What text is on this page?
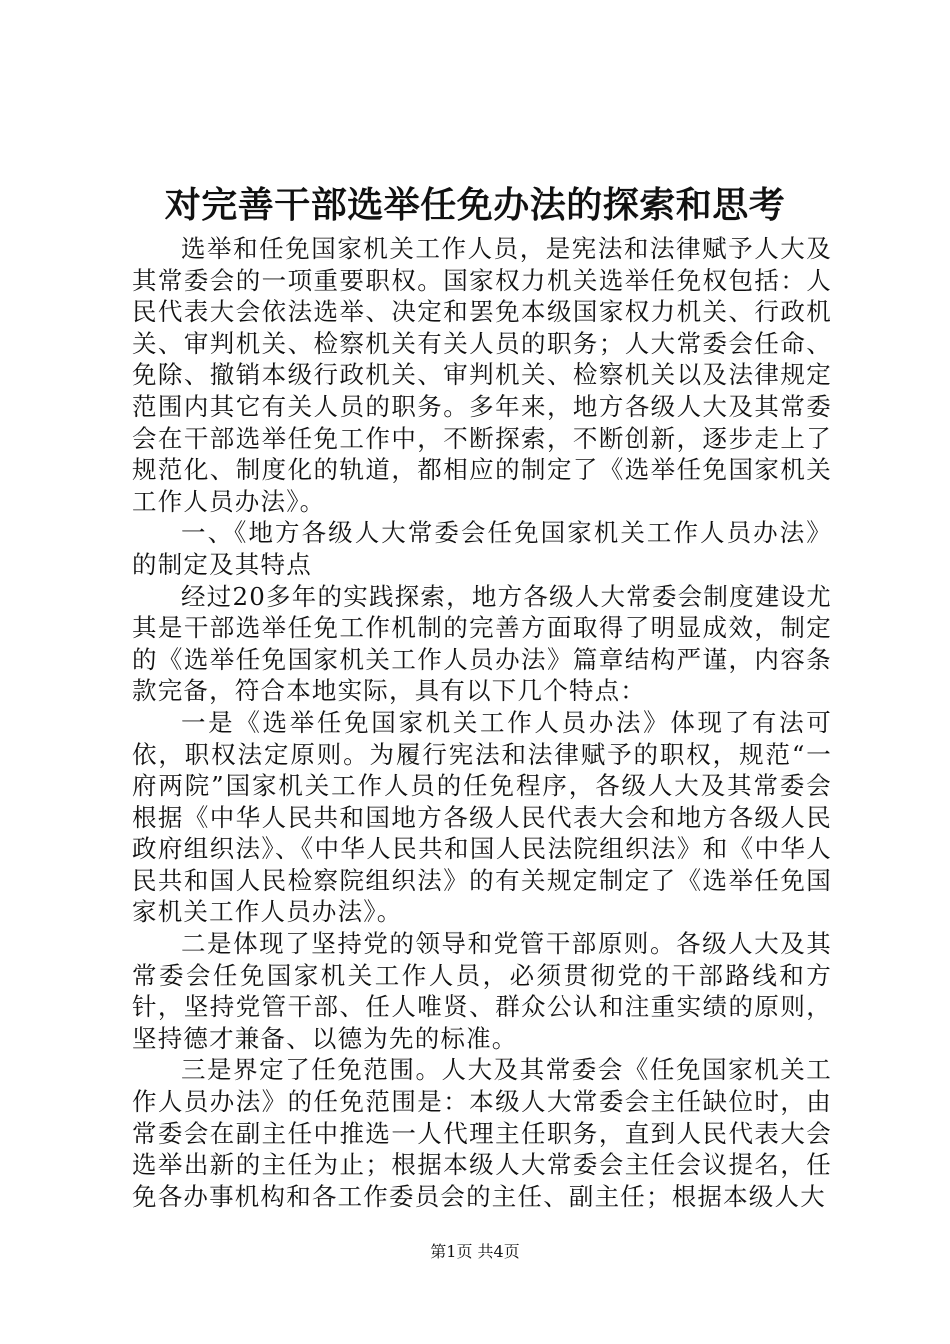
对完善干部选举任免办法的探索和思考

选举和任免国家机关工作人员，是宪法和法律赋予人大及其常委会的一项重要职权。国家权力机关选举任免权包括：人民代表大会依法选举、决定和罢免本级国家权力机关、行政机关、审判机关、检察机关有关人员的职务；人大常委会任命、免除、撤销本级行政机关、审判机关、检察机关以及法律规定范围内其它有关人员的职务。多年来，地方各级人大及其常委会在干部选举任免工作中，不断探索，不断创新，逐步走上了规范化、制度化的轨道，都相应的制定了《选举任免国家机关工作人员办法》。

一、《地方各级人大常委会任免国家机关工作人员办法》的制定及其特点

经过20多年的实践探索，地方各级人大常委会制度建设尤其是干部选举任免工作机制的完善方面取得了明显成效，制定的《选举任免国家机关工作人员办法》篇章结构严谨，内容条款完备，符合本地实际，具有以下几个特点：

一是《选举任免国家机关工作人员办法》体现了有法可依，职权法定原则。为履行宪法和法律赋予的职权，规范“一府两院”国家机关工作人员的任免程序，各级人大及其常委会根据《中华人民共和国地方各级人民代表大会和地方各级人民政府组织法》、《中华人民共和国人民法院组织法》和《中华人民共和国人民检察院组织法》的有关规定制定了《选举任免国家机关工作人员办法》。

二是体现了坚持党的领导和党管干部原则。各级人大及其常委会任免国家机关工作人员，必须贯彻党的干部路线和方针，坚持党管干部、任人唯贤、群众公认和注重实绩的原则，坚持德才兼备、以德为先的标准。

三是界定了任免范围。人大及其常委会《任免国家机关工作人员办法》的任免范围是：本级人大常委会主任缺位时，由常委会在副主任中推选一人代理主任职务，直到人民代表大会选举出新的主任为止；根据本级人大常委会主任会议提名，任免各办事机构和各工作委员会的主任、副主任；根据本级人大

第1页 共4页
